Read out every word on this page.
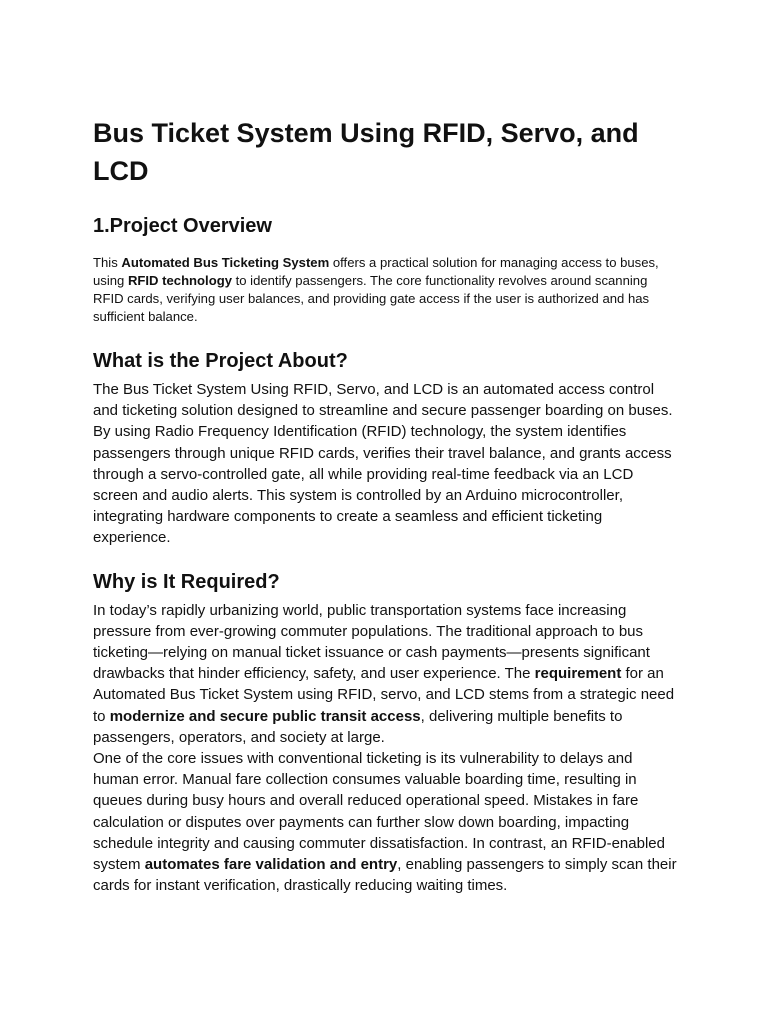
Bus Ticket System Using RFID, Servo, and LCD
1.Project Overview

This Automated Bus Ticketing System offers a practical solution for managing access to buses, using RFID technology to identify passengers. The core functionality revolves around scanning RFID cards, verifying user balances, and providing gate access if the user is authorized and has sufficient balance.

What is the Project About?

The Bus Ticket System Using RFID, Servo, and LCD is an automated access control and ticketing solution designed to streamline and secure passenger boarding on buses. By using Radio Frequency Identification (RFID) technology, the system identifies passengers through unique RFID cards, verifies their travel balance, and grants access through a servo-controlled gate, all while providing real-time feedback via an LCD screen and audio alerts. This system is controlled by an Arduino microcontroller, integrating hardware components to create a seamless and efficient ticketing experience.

Why is It Required?

In today’s rapidly urbanizing world, public transportation systems face increasing pressure from ever-growing commuter populations. The traditional approach to bus ticketing—relying on manual ticket issuance or cash payments—presents significant drawbacks that hinder efficiency, safety, and user experience. The requirement for an Automated Bus Ticket System using RFID, servo, and LCD stems from a strategic need to modernize and secure public transit access, delivering multiple benefits to passengers, operators, and society at large.

One of the core issues with conventional ticketing is its vulnerability to delays and human error. Manual fare collection consumes valuable boarding time, resulting in queues during busy hours and overall reduced operational speed. Mistakes in fare calculation or disputes over payments can further slow down boarding, impacting schedule integrity and causing commuter dissatisfaction. In contrast, an RFID-enabled system automates fare validation and entry, enabling passengers to simply scan their cards for instant verification, drastically reducing waiting times.
